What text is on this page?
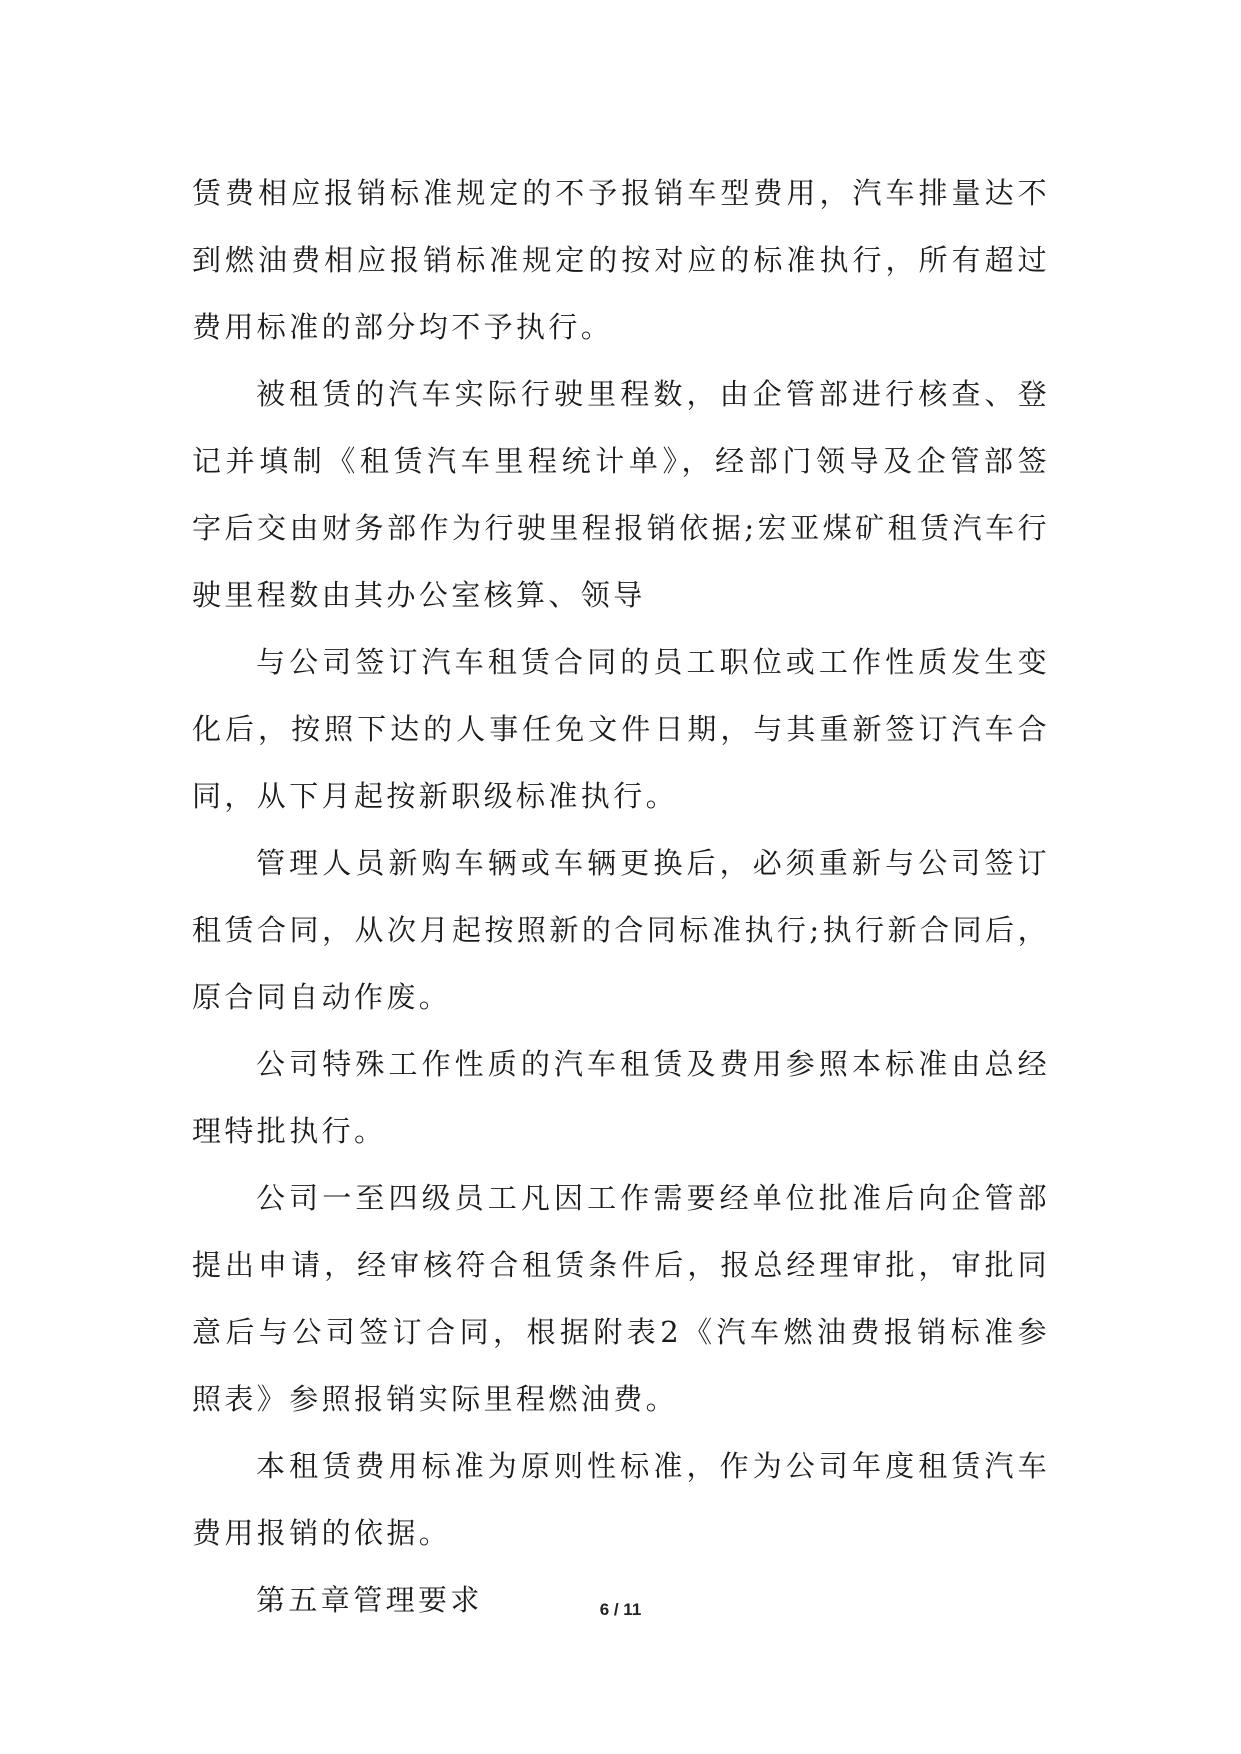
赁费相应报销标准规定的不予报销车型费用，汽车排量达不到燃油费相应报销标准规定的按对应的标准执行，所有超过费用标准的部分均不予执行。

被租赁的汽车实际行驶里程数，由企管部进行核查、登记并填制《租赁汽车里程统计单》，经部门领导及企管部签字后交由财务部作为行驶里程报销依据;宏亚煤矿租赁汽车行驶里程数由其办公室核算、领导

与公司签订汽车租赁合同的员工职位或工作性质发生变化后，按照下达的人事任免文件日期，与其重新签订汽车合同，从下月起按新职级标准执行。

管理人员新购车辆或车辆更换后，必须重新与公司签订租赁合同，从次月起按照新的合同标准执行;执行新合同后，原合同自动作废。

公司特殊工作性质的汽车租赁及费用参照本标准由总经理特批执行。

公司一至四级员工凡因工作需要经单位批准后向企管部提出申请，经审核符合租赁条件后，报总经理审批，审批同意后与公司签订合同，根据附表2《汽车燃油费报销标准参照表》参照报销实际里程燃油费。

本租赁费用标准为原则性标准，作为公司年度租赁汽车费用报销的依据。

第五章管理要求	6 / 11
